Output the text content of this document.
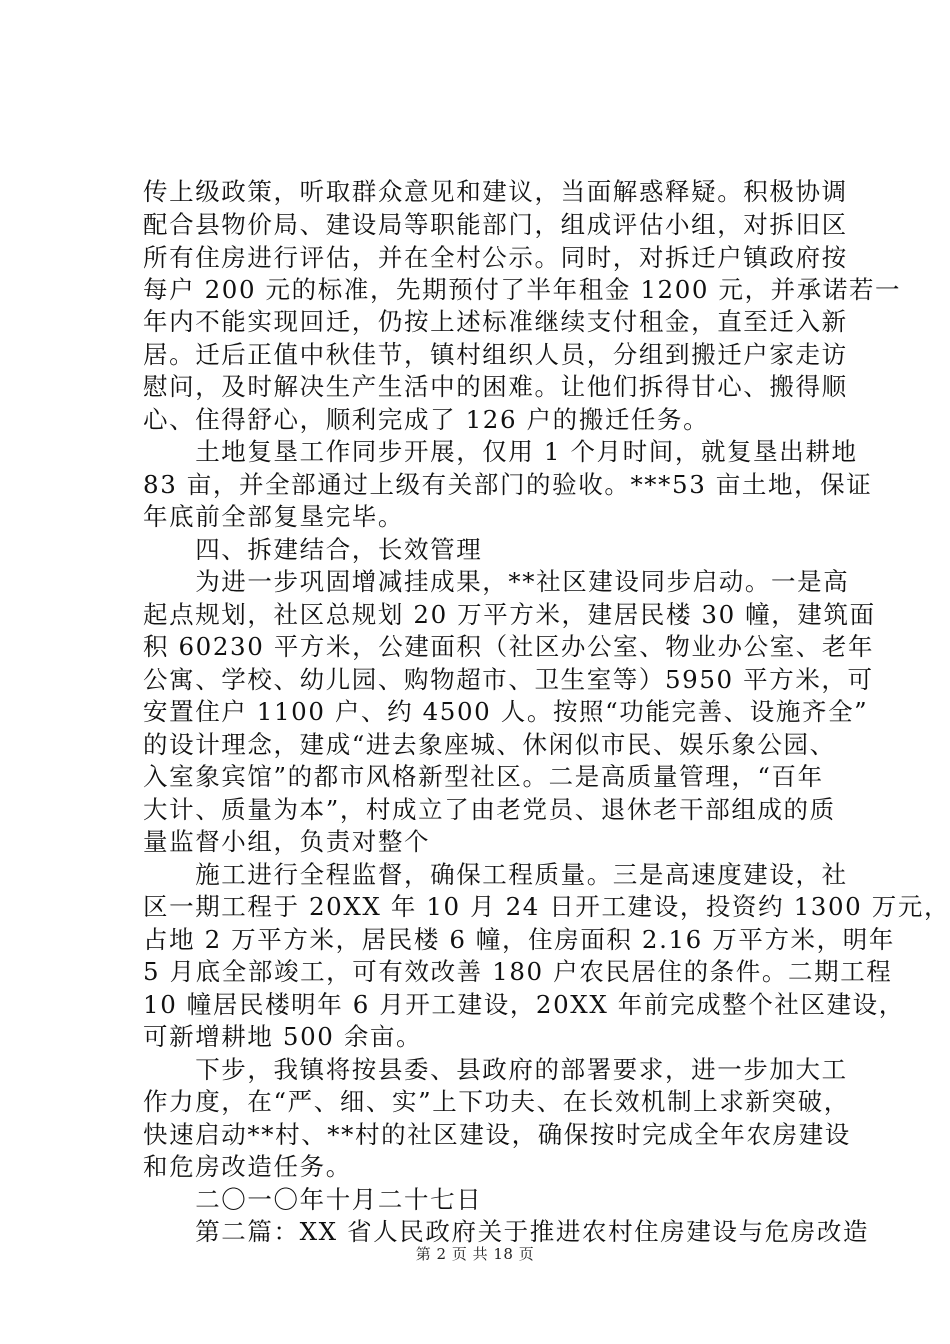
传上级政策，听取群众意见和建议，当面解惑释疑。积极协调
配合县物价局、建设局等职能部门，组成评估小组，对拆旧区
所有住房进行评估，并在全村公示。同时，对拆迁户镇政府按
每户 200 元的标准，先期预付了半年租金 1200 元，并承诺若一
年内不能实现回迁，仍按上述标准继续支付租金，直至迁入新
居。迁后正值中秋佳节，镇村组织人员，分组到搬迁户家走访
慰问，及时解决生产生活中的困难。让他们拆得甘心、搬得顺
心、住得舒心，顺利完成了 126 户的搬迁任务。
　　土地复垦工作同步开展，仅用 1 个月时间，就复垦出耕地
83 亩，并全部通过上级有关部门的验收。***53 亩土地，保证
年底前全部复垦完毕。
　　四、拆建结合，长效管理
　　为进一步巩固增减挂成果，**社区建设同步启动。一是高
起点规划，社区总规划 20 万平方米，建居民楼 30 幢，建筑面
积 60230 平方米，公建面积（社区办公室、物业办公室、老年
公寓、学校、幼儿园、购物超市、卫生室等）5950 平方米，可
安置住户 1100 户、约 4500 人。按照“功能完善、设施齐全”
的设计理念，建成“进去象座城、休闲似市民、娱乐象公园、
入室象宾馆”的都市风格新型社区。二是高质量管理，“百年
大计、质量为本”，村成立了由老党员、退休老干部组成的质
量监督小组，负责对整个
　　施工进行全程监督，确保工程质量。三是高速度建设，社
区一期工程于 20XX 年 10 月 24 日开工建设，投资约 1300 万元，
占地 2 万平方米，居民楼 6 幢，住房面积 2.16 万平方米，明年
5 月底全部竣工，可有效改善 180 户农民居住的条件。二期工程
10 幢居民楼明年 6 月开工建设，20XX 年前完成整个社区建设，
可新增耕地 500 余亩。
　　下步，我镇将按县委、县政府的部署要求，进一步加大工
作力度，在“严、细、实”上下功夫、在长效机制上求新突破，
快速启动**村、**村的社区建设，确保按时完成全年农房建设
和危房改造任务。
　　二〇一〇年十月二十七日
　　第二篇：XX 省人民政府关于推进农村住房建设与危房改造
第 2 页 共 18 页
